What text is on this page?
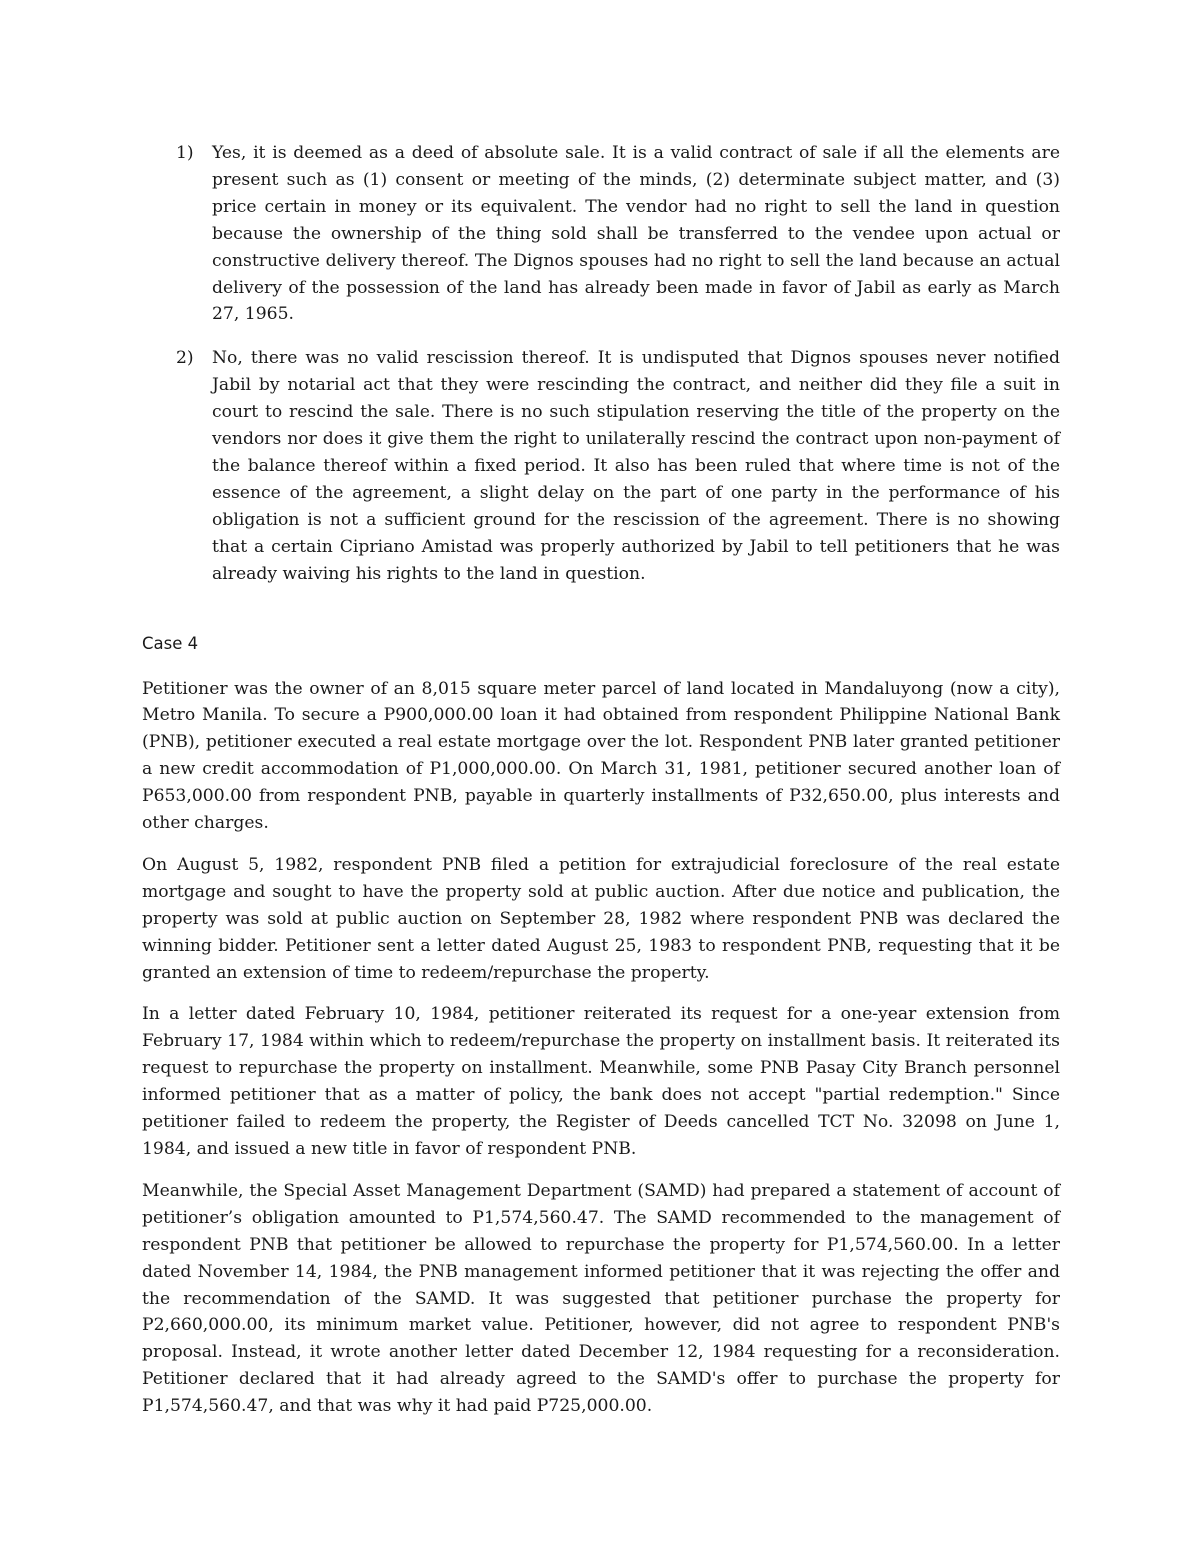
1) Yes, it is deemed as a deed of absolute sale. It is a valid contract of sale if all the elements are present such as (1) consent or meeting of the minds, (2) determinate subject matter, and (3) price certain in money or its equivalent. The vendor had no right to sell the land in question because the ownership of the thing sold shall be transferred to the vendee upon actual or constructive delivery thereof. The Dignos spouses had no right to sell the land because an actual delivery of the possession of the land has already been made in favor of Jabil as early as March 27, 1965.
2) No, there was no valid rescission thereof. It is undisputed that Dignos spouses never notified Jabil by notarial act that they were rescinding the contract, and neither did they file a suit in court to rescind the sale. There is no such stipulation reserving the title of the property on the vendors nor does it give them the right to unilaterally rescind the contract upon non-payment of the balance thereof within a fixed period. It also has been ruled that where time is not of the essence of the agreement, a slight delay on the part of one party in the performance of his obligation is not a sufficient ground for the rescission of the agreement. There is no showing that a certain Cipriano Amistad was properly authorized by Jabil to tell petitioners that he was already waiving his rights to the land in question.
Case 4

Petitioner was the owner of an 8,015 square meter parcel of land located in Mandaluyong (now a city), Metro Manila. To secure a P900,000.00 loan it had obtained from respondent Philippine National Bank (PNB), petitioner executed a real estate mortgage over the lot. Respondent PNB later granted petitioner a new credit accommodation of P1,000,000.00. On March 31, 1981, petitioner secured another loan of P653,000.00 from respondent PNB, payable in quarterly installments of P32,650.00, plus interests and other charges.

On August 5, 1982, respondent PNB filed a petition for extrajudicial foreclosure of the real estate mortgage and sought to have the property sold at public auction. After due notice and publication, the property was sold at public auction on September 28, 1982 where respondent PNB was declared the winning bidder. Petitioner sent a letter dated August 25, 1983 to respondent PNB, requesting that it be granted an extension of time to redeem/repurchase the property.

In a letter dated February 10, 1984, petitioner reiterated its request for a one-year extension from February 17, 1984 within which to redeem/repurchase the property on installment basis. It reiterated its request to repurchase the property on installment. Meanwhile, some PNB Pasay City Branch personnel informed petitioner that as a matter of policy, the bank does not accept "partial redemption." Since petitioner failed to redeem the property, the Register of Deeds cancelled TCT No. 32098 on June 1, 1984, and issued a new title in favor of respondent PNB.

Meanwhile, the Special Asset Management Department (SAMD) had prepared a statement of account of petitioner’s obligation amounted to P1,574,560.47. The SAMD recommended to the management of respondent PNB that petitioner be allowed to repurchase the property for P1,574,560.00. In a letter dated November 14, 1984, the PNB management informed petitioner that it was rejecting the offer and the recommendation of the SAMD. It was suggested that petitioner purchase the property for P2,660,000.00, its minimum market value. Petitioner, however, did not agree to respondent PNB's proposal. Instead, it wrote another letter dated December 12, 1984 requesting for a reconsideration. Petitioner declared that it had already agreed to the SAMD's offer to purchase the property for P1,574,560.47, and that was why it had paid P725,000.00.
